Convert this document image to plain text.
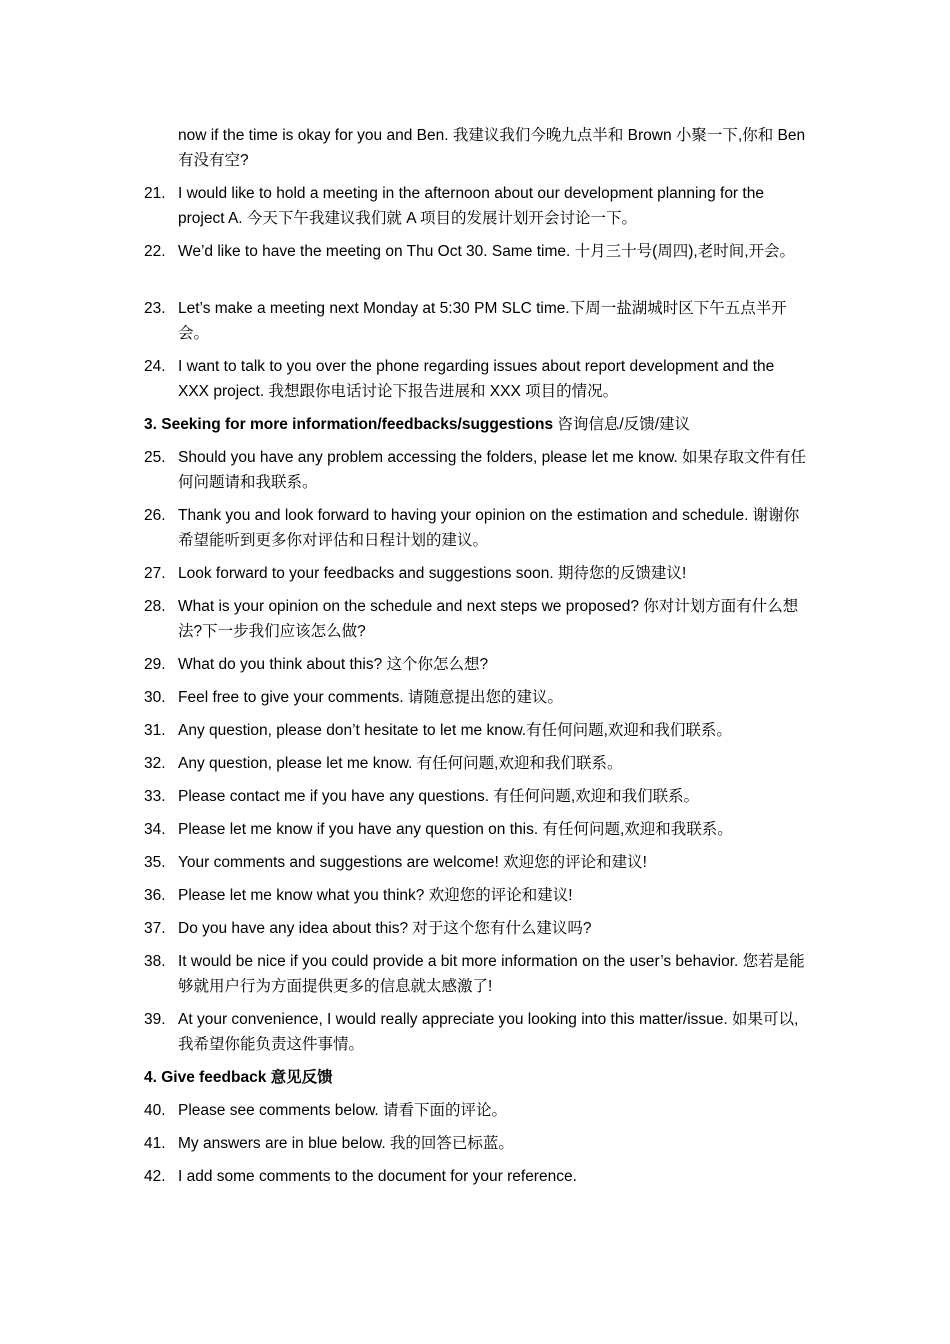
now if the time is okay for you and Ben. 我建议我们今晚九点半和 Brown 小聚一下,你和 Ben 有没有空?
21. I would like to hold a meeting in the afternoon about our development planning for the project A. 今天下午我建议我们就 A 项目的发展计划开会讨论一下。
22. We’d like to have the meeting on Thu Oct 30. Same time. 十月三十号(周四),老时间,开会。
23. Let’s make a meeting next Monday at 5:30 PM SLC time.下周一盐湖城时区下午五点半开会。
24. I want to talk to you over the phone regarding issues about report development and the XXX project. 我想跟你电话讨论下报告进展和 XXX 项目的情况。
3. Seeking for more information/feedbacks/suggestions 咨询信息/反馈/建议
25. Should you have any problem accessing the folders, please let me know. 如果存取文件有任何问题请和我联系。
26. Thank you and look forward to having your opinion on the estimation and schedule. 谢谢你希望能听到更多你对评估和日程计划的建议。
27. Look forward to your feedbacks and suggestions soon. 期待您的反馈建议!
28. What is your opinion on the schedule and next steps we proposed? 你对计划方面有什么想法?下一步我们应该怎么做?
29. What do you think about this? 这个你怎么想?
30. Feel free to give your comments. 请随意提出您的建议。
31. Any question, please don’t hesitate to let me know.有任何问题,欢迎和我们联系。
32. Any question, please let me know. 有任何问题,欢迎和我们联系。
33. Please contact me if you have any questions. 有任何问题,欢迎和我们联系。
34. Please let me know if you have any question on this. 有任何问题,欢迎和我联系。
35. Your comments and suggestions are welcome! 欢迎您的评论和建议!
36. Please let me know what you think? 欢迎您的评论和建议!
37. Do you have any idea about this? 对于这个您有什么建议吗?
38. It would be nice if you could provide a bit more information on the user’s behavior. 您若是能够就用户行为方面提供更多的信息就太感激了!
39. At your convenience, I would really appreciate you looking into this matter/issue. 如果可以,我希望你能负责这件事情。
4. Give feedback 意见反馈
40. Please see comments below. 请看下面的评论。
41. My answers are in blue below. 我的回答已标蓝。
42. I add some comments to the document for your reference.
